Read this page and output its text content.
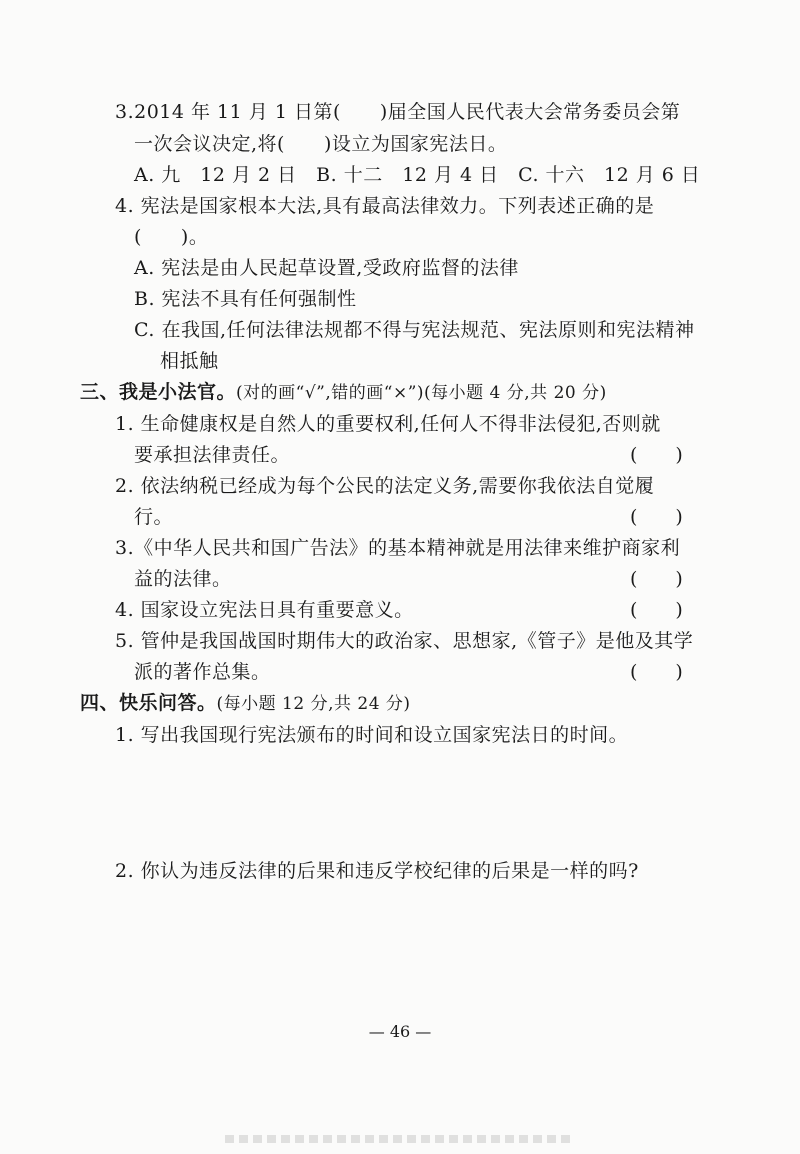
3.2014 年 11 月 1 日第(　　)届全国人民代表大会常务委员会第
一次会议决定,将(　　)设立为国家宪法日。
A. 九　12 月 2 日　B. 十二　12 月 4 日　C. 十六　12 月 6 日
4. 宪法是国家根本大法,具有最高法律效力。下列表述正确的是
(　　)。
A. 宪法是由人民起草设置,受政府监督的法律
B. 宪法不具有任何强制性
C. 在我国,任何法律法规都不得与宪法规范、宪法原则和宪法精神
相抵触
三、我是小法官。(对的画“√”,错的画“×”)(每小题 4 分,共 20 分)
1. 生命健康权是自然人的重要权利,任何人不得非法侵犯,否则就
要承担法律责任。	(　　)
2. 依法纳税已经成为每个公民的法定义务,需要你我依法自觉履
行。	(　　)
3.《中华人民共和国广告法》的基本精神就是用法律来维护商家利
益的法律。	(　　)
4. 国家设立宪法日具有重要意义。	(　　)
5. 管仲是我国战国时期伟大的政治家、思想家,《管子》是他及其学
派的著作总集。	(　　)
四、快乐问答。(每小题 12 分,共 24 分)
1. 写出我国现行宪法颁布的时间和设立国家宪法日的时间。
2. 你认为违反法律的后果和违反学校纪律的后果是一样的吗?
— 46 —
